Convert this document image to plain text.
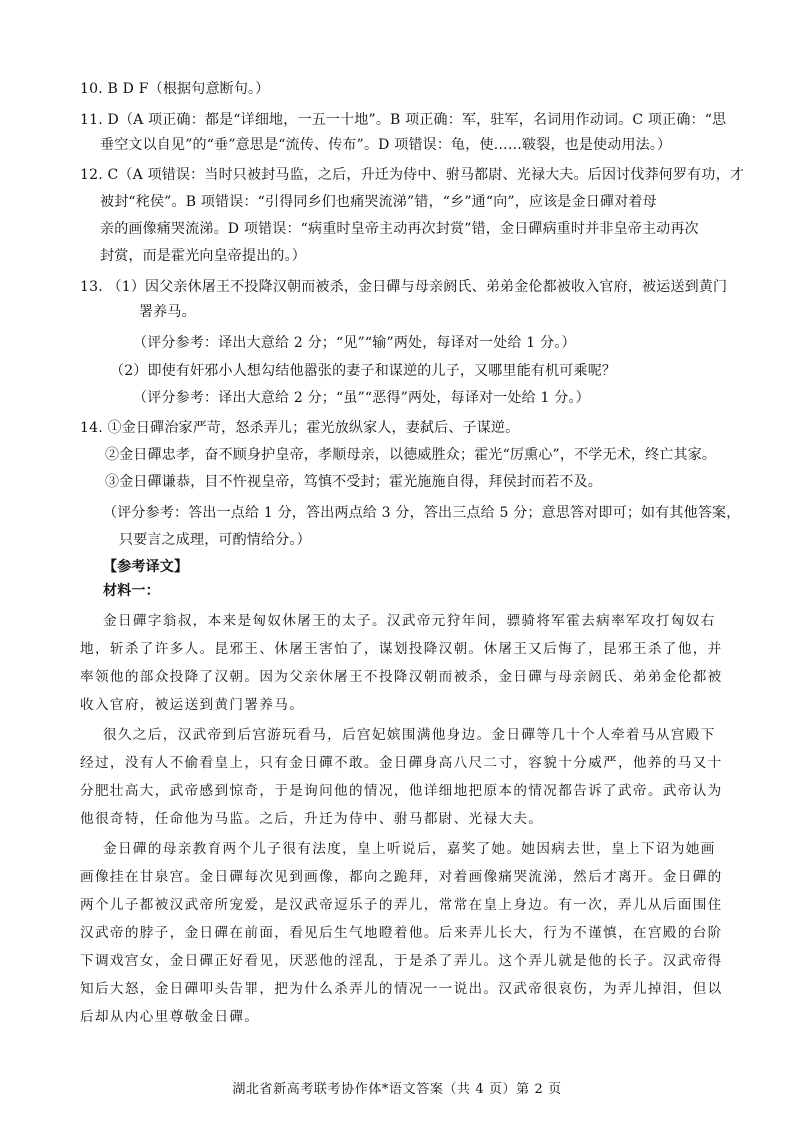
10. B D F（根据句意断句。）
11. D（A 项正确：都是“详细地，一五一十地”。B 项正确：军，驻军，名词用作动词。C 项正确：“思
垂空文以自见”的“垂”意思是“流传、传布”。D 项错误：龟，使……皲裂，也是使动用法。）
12. C（A 项错误：当时只被封马监，之后，升迁为侍中、驸马都尉、光禄大夫。后因讨伐莽何罗有功，才
被封“秺侯”。B 项错误：“引得同乡们也痛哭流涕”错，“乡”通“向”，应该是金日磾对着母
亲的画像痛哭流涕。D 项错误：“病重时皇帝主动再次封赏”错，金日磾病重时并非皇帝主动再次
封赏，而是霍光向皇帝提出的。）
13. （1）因父亲休屠王不投降汉朝而被杀，金日磾与母亲阏氏、弟弟金伦都被收入官府，被运送到黄门
署养马。
（评分参考：译出大意给 2 分；“见”“输”两处，每译对一处给 1 分。）
（2）即使有奸邪小人想勾结他嚣张的妻子和谋逆的儿子，又哪里能有机可乘呢？
（评分参考：译出大意给 2 分；“虽”“恶得”两处，每译对一处给 1 分。）
14. ①金日磾治家严苛，怒杀弄儿；霍光放纵家人，妻弑后、子谋逆。
②金日磾忠孝，奋不顾身护皇帝，孝顺母亲，以德威胜众；霍光“厉熏心”，不学无术，终亡其家。
③金日磾谦恭，目不忤视皇帝，笃慎不受封；霍光施施自得，拜侯封而若不及。
（评分参考：答出一点给 1 分，答出两点给 3 分，答出三点给 5 分；意思答对即可；如有其他答案，
只要言之成理，可酌情给分。）
【参考译文】
材料一：
金日磾字翁叔，本来是匈奴休屠王的太子。汉武帝元狩年间，骠骑将军霍去病率军攻打匈奴右
地，斩杀了许多人。昆邪王、休屠王害怕了，谋划投降汉朝。休屠王又后悔了，昆邪王杀了他，并
率领他的部众投降了汉朝。因为父亲休屠王不投降汉朝而被杀，金日磾与母亲阏氏、弟弟金伦都被
收入官府，被运送到黄门署养马。
很久之后，汉武帝到后宫游玩看马，后宫妃嫔围满他身边。金日磾等几十个人牵着马从宫殿下
经过，没有人不偷看皇上，只有金日磾不敢。金日磾身高八尺二寸，容貌十分威严，他养的马又十
分肥壮高大，武帝感到惊奇，于是询问他的情况，他详细地把原本的情况都告诉了武帝。武帝认为
他很奇特，任命他为马监。之后，升迁为侍中、驸马都尉、光禄大夫。
金日磾的母亲教育两个儿子很有法度，皇上听说后，嘉奖了她。她因病去世，皇上下诏为她画
画像挂在甘泉宫。金日磾每次见到画像，都向之跪拜，对着画像痛哭流涕，然后才离开。金日磾的
两个儿子都被汉武帝所宠爱，是汉武帝逗乐子的弄儿，常常在皇上身边。有一次，弄儿从后面围住
汉武帝的脖子，金日磾在前面，看见后生气地瞪着他。后来弄儿长大，行为不谨慎，在宫殿的台阶
下调戏宫女，金日磾正好看见，厌恶他的淫乱，于是杀了弄儿。这个弄儿就是他的长子。汉武帝得
知后大怒，金日磾叩头告罪，把为什么杀弄儿的情况一一说出。汉武帝很哀伤，为弄儿掉泪，但以
后却从内心里尊敬金日磾。
湖北省新高考联考协作体*语文答案（共 4 页）第 2 页
